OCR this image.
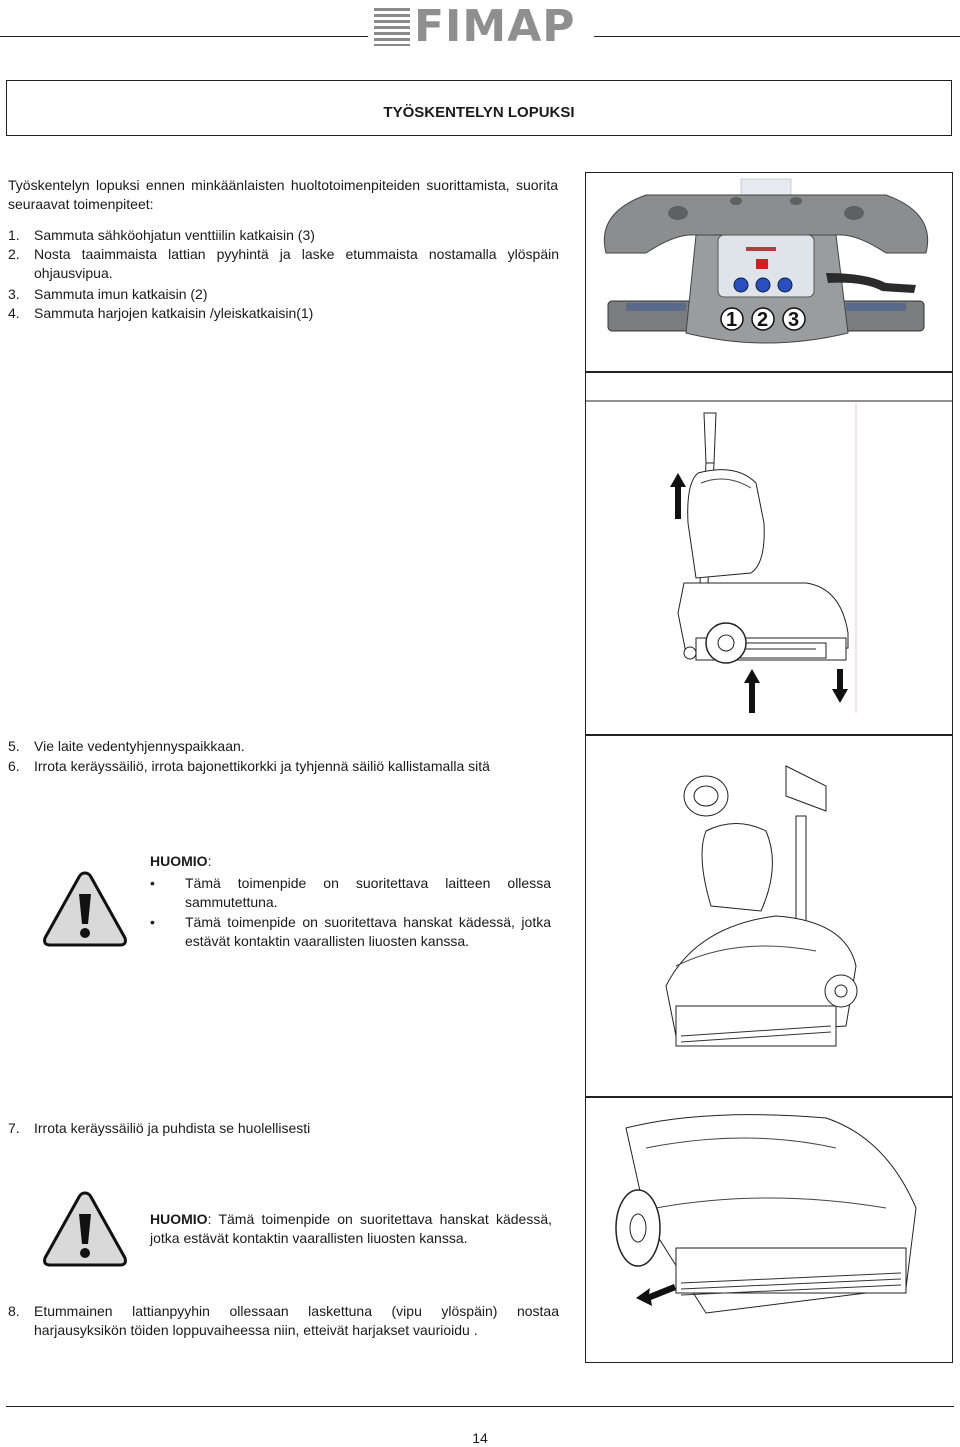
FIMAP
TYÖSKENTELYN LOPUKSI
Työskentelyn lopuksi ennen minkäänlaisten huoltotoimenpiteiden suorittamista, suorita seuraavat toimenpiteet:
1. Sammuta sähköohjatun venttiilin katkaisin (3)
2. Nosta taaimmaista lattian pyyhintä ja laske etummaista nostamalla ylöspäin ohjausvipua.
3. Sammuta imun katkaisin (2)
4. Sammuta harjojen katkaisin /yleiskatkaisin(1)	1 2 3
5. Vie laite vedentyhjennyspaikkaan.
6. Irrota keräyssäiliö, irrota bajonettikorkki ja tyhjennä säiliö kallistamalla sitä
HUOMIO:
• Tämä toimenpide on suoritettava laitteen ollessa sammutettuna.
• Tämä toimenpide on suoritettava hanskat kädessä, jotka estävät kontaktin vaarallisten liuosten kanssa.
7. Irrota keräyssäiliö ja puhdista se huolellisesti
HUOMIO: Tämä toimenpide on suoritettava hanskat kädessä, jotka estävät kontaktin vaarallisten liuosten kanssa.
8. Etummainen lattianpyyhin ollessaan laskettuna (vipu ylöspäin) nostaa harjausyksikön töiden loppuvaiheessa niin, etteivät harjakset vaurioidu .
14
